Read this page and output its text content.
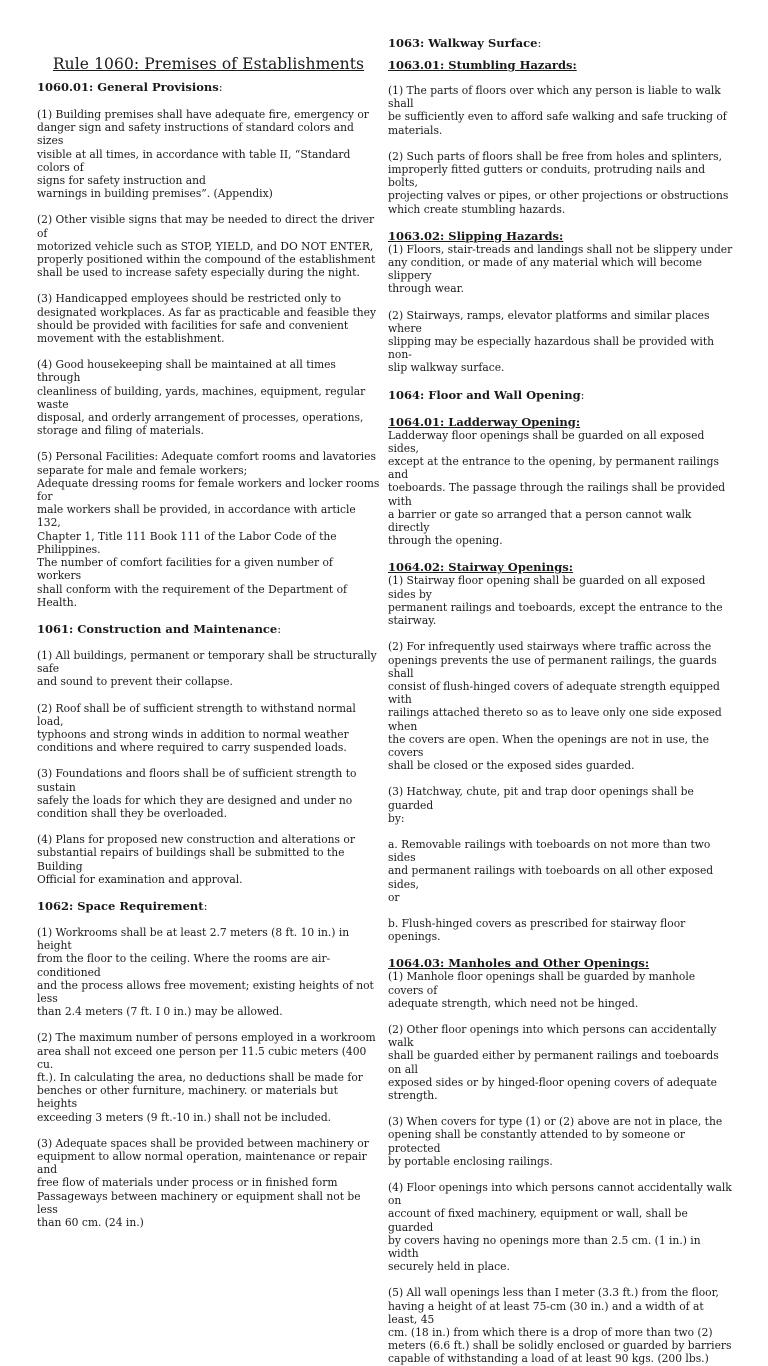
Rule 1060: Premises of Establishments

1060.01: General Provisions:

(1) Building premises shall have adequate fire, emergency or
danger sign and safety instructions of standard colors and sizes
visible at all times, in accordance with table II, “Standard colors of
signs for safety instruction and
warnings in building premises”. (Appendix)

(2) Other visible signs that may be needed to direct the driver of
motorized vehicle such as STOP, YIELD, and DO NOT ENTER,
properly positioned within the compound of the establishment
shall be used to increase safety especially during the night.

(3) Handicapped employees should be restricted only to
designated workplaces. As far as practicable and feasible they
should be provided with facilities for safe and convenient
movement with the establishment.

(4) Good housekeeping shall be maintained at all times through
cleanliness of building, yards, machines, equipment, regular waste
disposal, and orderly arrangement of processes, operations,
storage and filing of materials.

(5) Personal Facilities: Adequate comfort rooms and lavatories
separate for male and female workers;
Adequate dressing rooms for female workers and locker rooms for
male workers shall be provided, in accordance with article 132,
Chapter 1, Title 111 Book 111 of the Labor Code of the Philippines.
The number of comfort facilities for a given number of workers
shall conform with the requirement of the Department of Health.

1061: Construction and Maintenance:

(1) All buildings, permanent or temporary shall be structurally safe
and sound to prevent their collapse.

(2) Roof shall be of sufficient strength to withstand normal load,
typhoons and strong winds in addition to normal weather
conditions and where required to carry suspended loads.

(3) Foundations and floors shall be of sufficient strength to sustain
safely the loads for which they are designed and under no
condition shall they be overloaded.

(4) Plans for proposed new construction and alterations or
substantial repairs of buildings shall be submitted to the Building
Official for examination and approval.

1062: Space Requirement:

(1) Workrooms shall be at least 2.7 meters (8 ft. 10 in.) in height
from the floor to the ceiling. Where the rooms are air-conditioned
and the process allows free movement; existing heights of not less
than 2.4 meters (7 ft. I 0 in.) may be allowed.

(2) The maximum number of persons employed in a workroom
area shall not exceed one person per 11.5 cubic meters (400 cu.
ft.). In calculating the area, no deductions shall be made for
benches or other furniture, machinery. or materials but heights
exceeding 3 meters (9 ft.-10 in.) shall not be included.

(3) Adequate spaces shall be provided between machinery or
equipment to allow normal operation, maintenance or repair and
free flow of materials under process or in finished form
Passageways between machinery or equipment shall not be less
than 60 cm. (24 in.)

1063: Walkway Surface:

1063.01: Stumbling Hazards:

(1) The parts of floors over which any person is liable to walk shall
be sufficiently even to afford safe walking and safe trucking of
materials.

(2) Such parts of floors shall be free from holes and splinters,
improperly fitted gutters or conduits, protruding nails and bolts,
projecting valves or pipes, or other projections or obstructions
which create stumbling hazards.

1063.02: Slipping Hazards:

(1) Floors, stair-treads and landings shall not be slippery under
any condition, or made of any material which will become slippery
through wear.

(2) Stairways, ramps, elevator platforms and similar places where
slipping may be especially hazardous shall be provided with non-
slip walkway surface.

1064: Floor and Wall Opening:

1064.01: Ladderway Opening:

Ladderway floor openings shall be guarded on all exposed sides,
except at the entrance to the opening, by permanent railings and
toeboards. The passage through the railings shall be provided with
a barrier or gate so arranged that a person cannot walk directly
through the opening.

1064.02: Stairway Openings:

(1) Stairway floor opening shall be guarded on all exposed sides by
permanent railings and toeboards, except the entrance to the
stairway.

(2) For infrequently used stairways where traffic across the
openings prevents the use of permanent railings, the guards shall
consist of flush-hinged covers of adequate strength equipped with
railings attached thereto so as to leave only one side exposed when
the covers are open. When the openings are not in use, the covers
shall be closed or the exposed sides guarded.

(3) Hatchway, chute, pit and trap door openings shall be guarded
by:

a. Removable railings with toeboards on not more than two sides
and permanent railings with toeboards on all other exposed sides,
or

b. Flush-hinged covers as prescribed for stairway floor openings.

1064.03: Manholes and Other Openings:

(1) Manhole floor openings shall be guarded by manhole covers of
adequate strength, which need not be hinged.

(2) Other floor openings into which persons can accidentally walk
shall be guarded either by permanent railings and toeboards on all
exposed sides or by hinged-floor opening covers of adequate
strength.

(3) When covers for type (1) or (2) above are not in place, the
opening shall be constantly attended to by someone or protected
by portable enclosing railings.

(4) Floor openings into which persons cannot accidentally walk on
account of fixed machinery, equipment or wall, shall be guarded
by covers having no openings more than 2.5 cm. (1 in.) in width
securely held in place.

(5) All wall openings less than I meter (3.3 ft.) from the floor,
having a height of at least 75-cm (30 in.) and a width of at least, 45
cm. (18 in.) from which there is a drop of more than two (2)
meters (6.6 ft.) shall be solidly enclosed or guarded by barriers
capable of withstanding a load of at least 90 kgs. (200 lbs.)
